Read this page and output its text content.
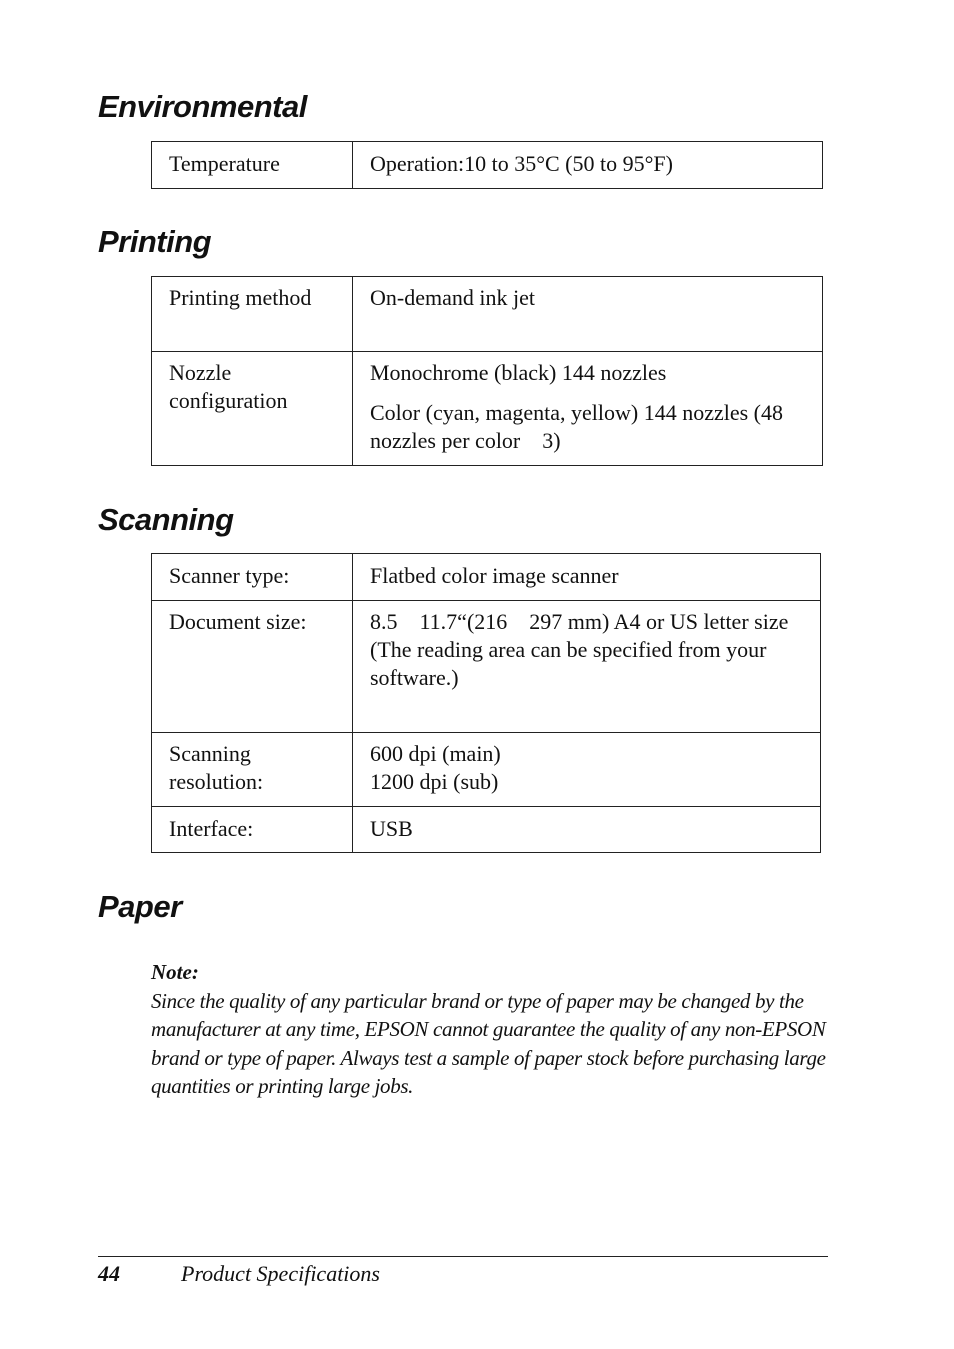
Environmental
Temperature	Operation:10 to 35°C (50 to 95°F)
Printing
Printing method	On-demand ink jet
Nozzle configuration	Monochrome (black) 144 nozzles

Color (cyan, magenta, yellow) 144 nozzles (48 nozzles per color    3)

Scanning
Scanner type:	Flatbed color image scanner
Document size:	8.5    11.7“(216    297 mm) A4 or US letter size
(The reading area can be specified from your software.)

Scanning resolution:	600 dpi (main)
1200 dpi (sub)

Interface:	USB
Paper
Note:
Since the quality of any particular brand or type of paper may be changed by the manufacturer at any time, EPSON cannot guarantee the quality of any non-EPSON brand or type of paper. Always test a sample of paper stock before purchasing large quantities or printing large jobs.
44	Product Specifications
